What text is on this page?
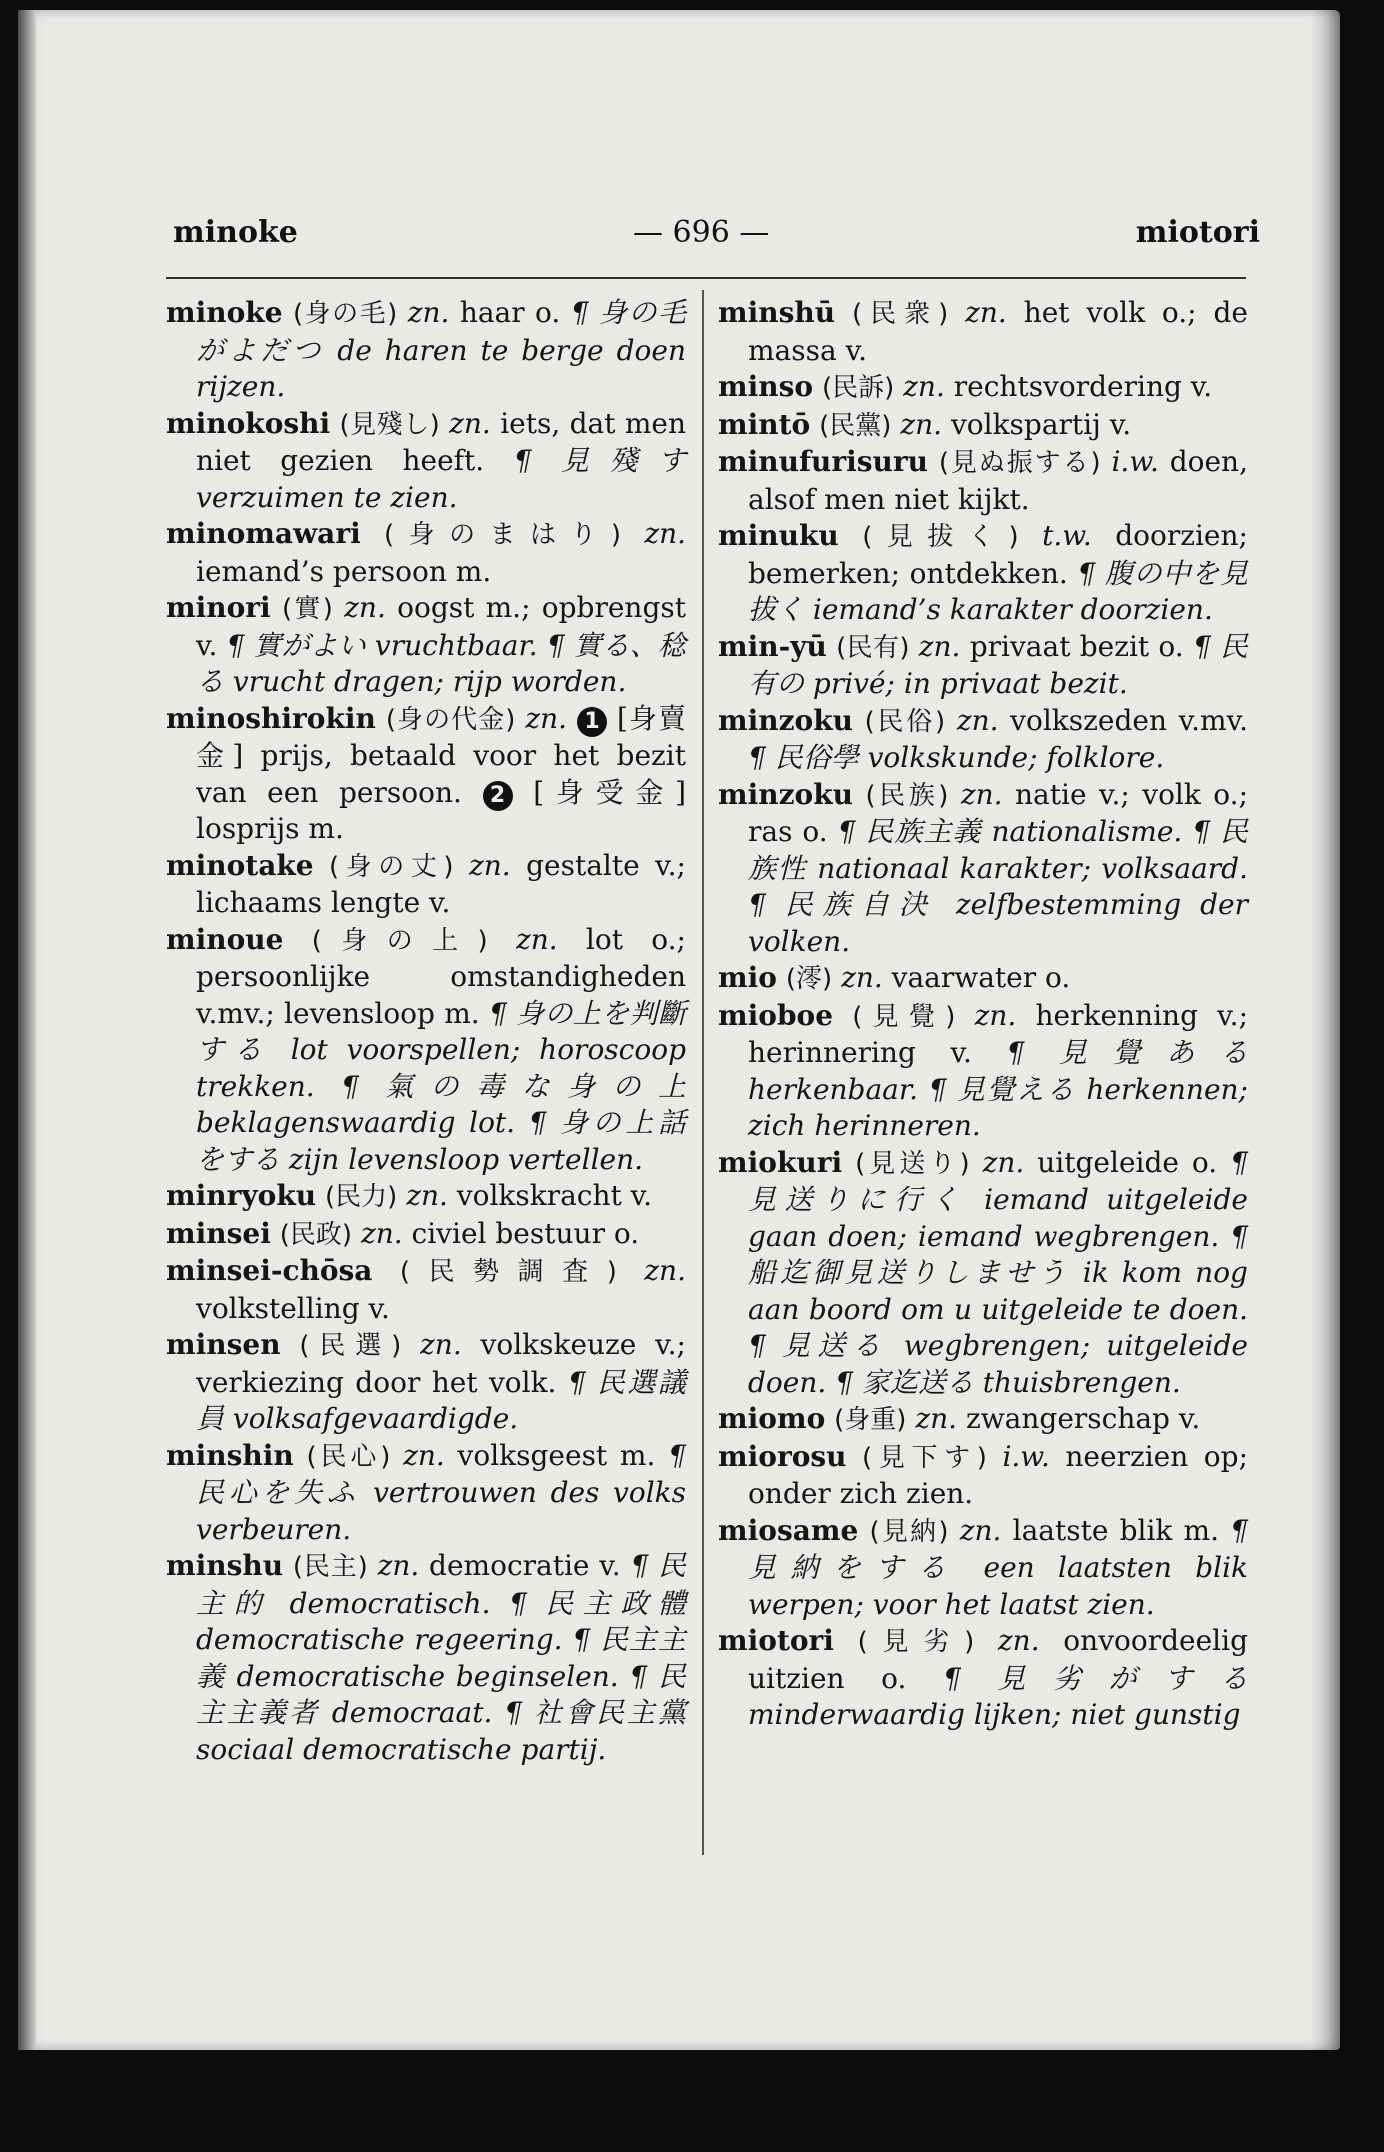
minoke	— 696 —	miotori

minoke (身の毛) zn. haar o. ¶ 身の毛がよだつ de haren te berge doen rijzen.

minokoshi (見殘し) zn. iets, dat men niet gezien heeft. ¶ 見殘す verzuimen te zien.

minomawari (身のまはり) zn. iemand’s persoon m.

minori (實) zn. oogst m.; opbrengst v. ¶ 實がよい vruchtbaar. ¶ 實る、稔る vrucht dragen; rijp worden.

minoshirokin (身の代金) zn. 1 [身賣金] prijs, betaald voor het bezit van een persoon. 2 [身受金] losprijs m.

minotake (身の丈) zn. gestalte v.; lichaams lengte v.

minoue (身の上) zn. lot o.; persoonlijke omstandigheden v.mv.; levensloop m. ¶ 身の上を判斷する lot voorspellen; horoscoop trekken. ¶ 氣の毒な身の上 beklagenswaardig lot. ¶ 身の上話をする zijn levensloop vertellen.

minryoku (民力) zn. volkskracht v.

minsei (民政) zn. civiel bestuur o.

minsei-chōsa (民勢調査) zn. volkstelling v.

minsen (民選) zn. volkskeuze v.; verkiezing door het volk. ¶ 民選議員 volksafgevaardigde.

minshin (民心) zn. volksgeest m. ¶ 民心を失ふ vertrouwen des volks verbeuren.

minshu (民主) zn. democratie v. ¶ 民主的 democratisch. ¶ 民主政體 democratische regeering. ¶ 民主主義 democratische beginselen. ¶ 民主主義者 democraat. ¶ 社會民主黨 sociaal democratische partij.

minshū (民衆) zn. het volk o.; de massa v.

minso (民訴) zn. rechtsvordering v.

mintō (民黨) zn. volkspartij v.

minufurisuru (見ぬ振する) i.w. doen, alsof men niet kijkt.

minuku (見拔く) t.w. doorzien; bemerken; ontdekken. ¶ 腹の中を見拔く iemand’s karakter doorzien.

min-yū (民有) zn. privaat bezit o. ¶ 民有の privé; in privaat bezit.

minzoku (民俗) zn. volkszeden v.mv. ¶ 民俗學 volkskunde; folklore.

minzoku (民族) zn. natie v.; volk o.; ras o. ¶ 民族主義 nationalisme. ¶ 民族性 nationaal karakter; volksaard. ¶ 民族自決 zelfbestemming der volken.

mio (澪) zn. vaarwater o.

mioboe (見覺) zn. herkenning v.; herinnering v. ¶ 見覺ある herkenbaar. ¶ 見覺える herkennen; zich herinneren.

miokuri (見送り) zn. uitgeleide o. ¶ 見送りに行く iemand uitgeleide gaan doen; iemand wegbrengen. ¶ 船迄御見送りしませう ik kom nog aan boord om u uitgeleide te doen. ¶ 見送る wegbrengen; uitgeleide doen. ¶ 家迄送る thuisbrengen.

miomo (身重) zn. zwangerschap v.

miorosu (見下す) i.w. neerzien op; onder zich zien.

miosame (見納) zn. laatste blik m. ¶ 見納をする een laatsten blik werpen; voor het laatst zien.

miotori (見劣) zn. onvoordeelig uitzien o. ¶ 見劣がする minderwaardig lijken; niet gunstig
